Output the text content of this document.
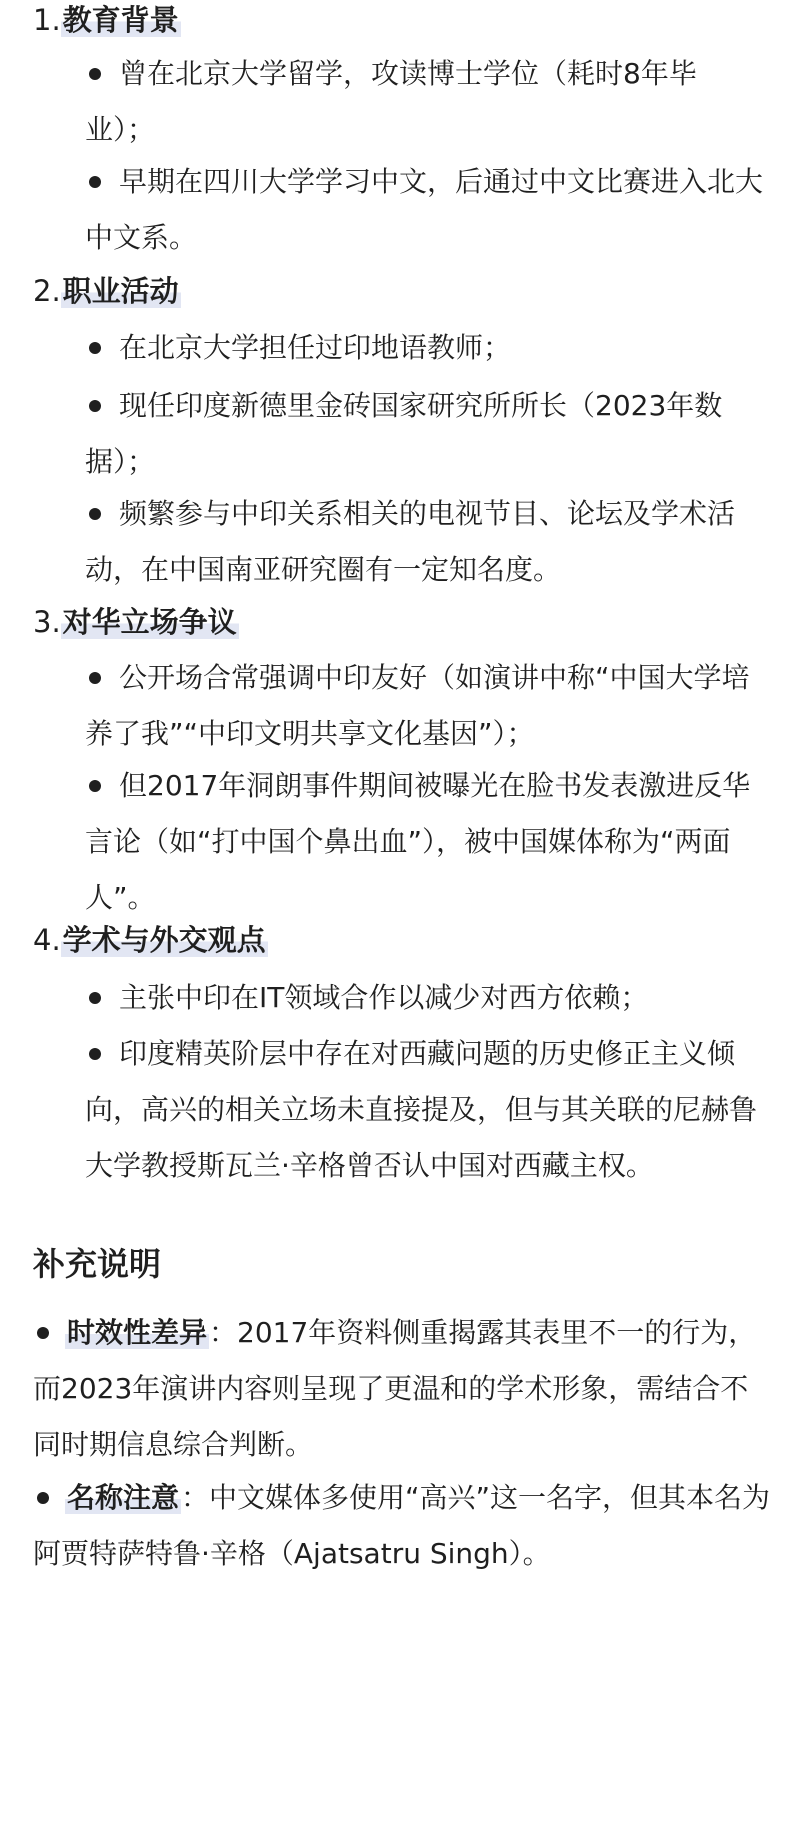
1.教育背景
曾在北京大学留学，攻读博士学位（耗时8年毕业）；
早期在四川大学学习中文，后通过中文比赛进入北大中文系。
2.职业活动
在北京大学担任过印地语教师；
现任印度新德里金砖国家研究所所长（2023年数据）；
频繁参与中印关系相关的电视节目、论坛及学术活动，在中国南亚研究圈有一定知名度。
3.对华立场争议
公开场合常强调中印友好（如演讲中称“中国大学培养了我”“中印文明共享文化基因”）；
但2017年洞朗事件期间被曝光在脸书发表激进反华言论（如“打中国个鼻出血”），被中国媒体称为“两面人”。
4.学术与外交观点
主张中印在IT领域合作以减少对西方依赖；
印度精英阶层中存在对西藏问题的历史修正主义倾向，高兴的相关立场未直接提及，但与其关联的尼赫鲁大学教授斯瓦兰·辛格曾否认中国对西藏主权。
补充说明
时效性差异：2017年资料侧重揭露其表里不一的行为，而2023年演讲内容则呈现了更温和的学术形象，需结合不同时期信息综合判断。
名称注意：中文媒体多使用“高兴”这一名字，但其本名为阿贾特萨特鲁·辛格（Ajatsatru Singh）。
